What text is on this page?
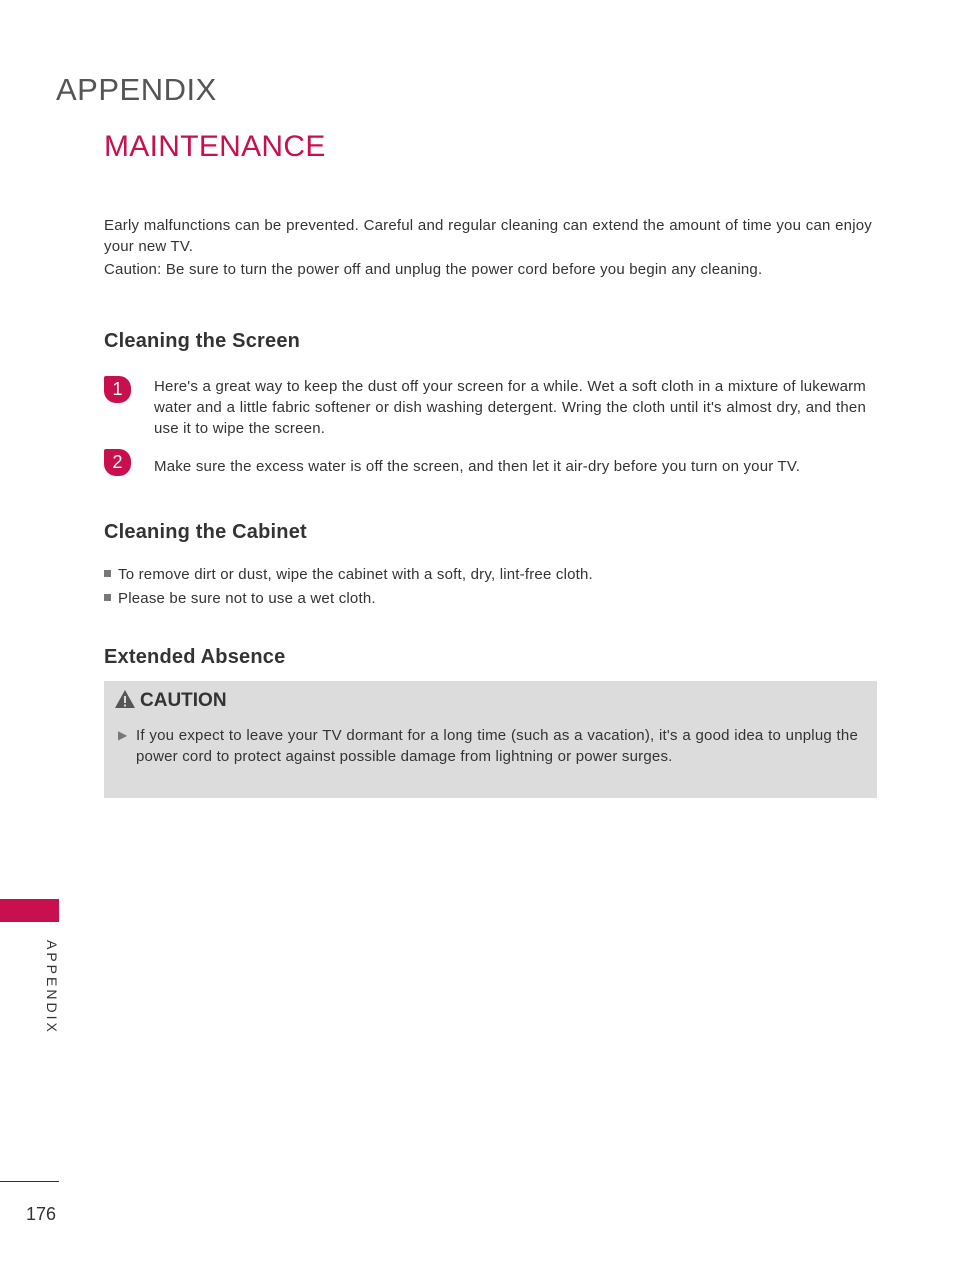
APPENDIX
MAINTENANCE

Early malfunctions can be prevented. Careful and regular cleaning can extend the amount of time you can enjoy your new TV.

Caution: Be sure to turn the power off and unplug the power cord before you begin any cleaning.

Cleaning the Screen
1	Here's a great way to keep the dust off your screen for a while. Wet a soft cloth in a mixture of lukewarm water and a little fabric softener or dish washing detergent. Wring the cloth until it's almost dry, and then use it to wipe the screen.
2	Make sure the excess water is off the screen, and then let it air-dry before you turn on your TV.
Cleaning the Cabinet
To remove dirt or dust, wipe the cabinet with a soft, dry, lint-free cloth.
Please be sure not to use a wet cloth.
Extended Absence
CAUTION
▶ If you expect to leave your TV dormant for a long time (such as a vacation), it's a good idea to unplug the power cord to protect against possible damage from lightning or power surges.
APPENDIX
176
